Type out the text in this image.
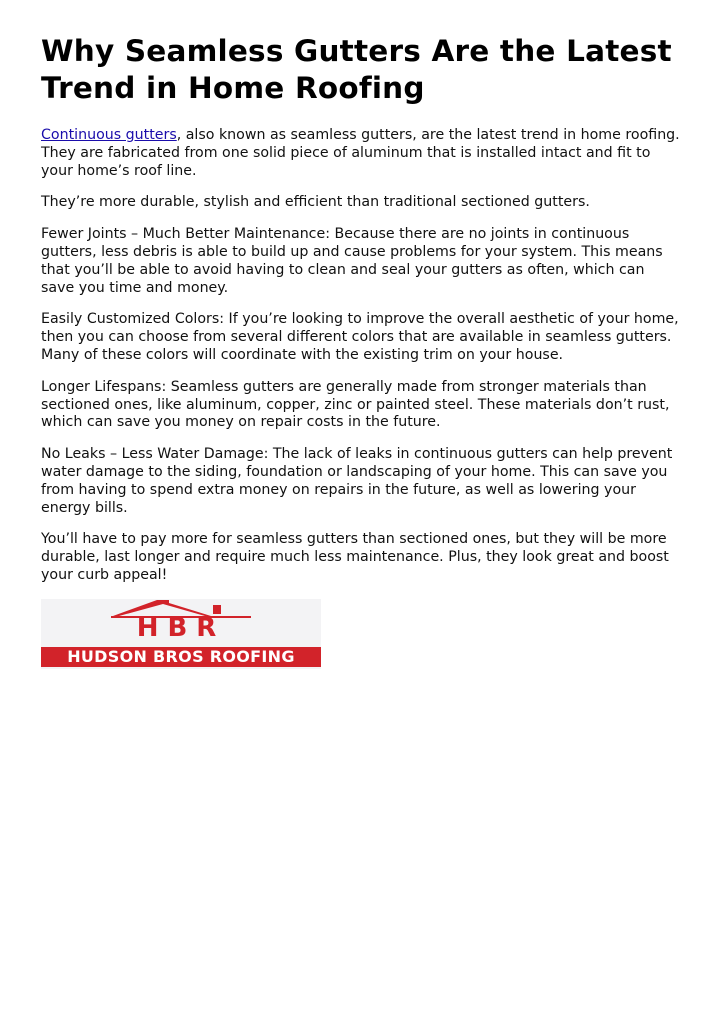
Why Seamless Gutters Are the Latest Trend in Home Roofing

Continuous gutters, also known as seamless gutters, are the latest trend in home roofing. They are fabricated from one solid piece of aluminum that is installed intact and fit to your home’s roof line.

They’re more durable, stylish and efficient than traditional sectioned gutters.

Fewer Joints – Much Better Maintenance: Because there are no joints in continuous gutters, less debris is able to build up and cause problems for your system. This means that you’ll be able to avoid having to clean and seal your gutters as often, which can save you time and money.

Easily Customized Colors: If you’re looking to improve the overall aesthetic of your home, then you can choose from several different colors that are available in seamless gutters. Many of these colors will coordinate with the existing trim on your house.

Longer Lifespans: Seamless gutters are generally made from stronger materials than sectioned ones, like aluminum, copper, zinc or painted steel. These materials don’t rust, which can save you money on repair costs in the future.

No Leaks – Less Water Damage: The lack of leaks in continuous gutters can help prevent water damage to the siding, foundation or landscaping of your home. This can save you from having to spend extra money on repairs in the future, as well as lowering your energy bills.

You’ll have to pay more for seamless gutters than sectioned ones, but they will be more durable, last longer and require much less maintenance. Plus, they look great and boost your curb appeal!

HBR
HUDSON BROS ROOFING
